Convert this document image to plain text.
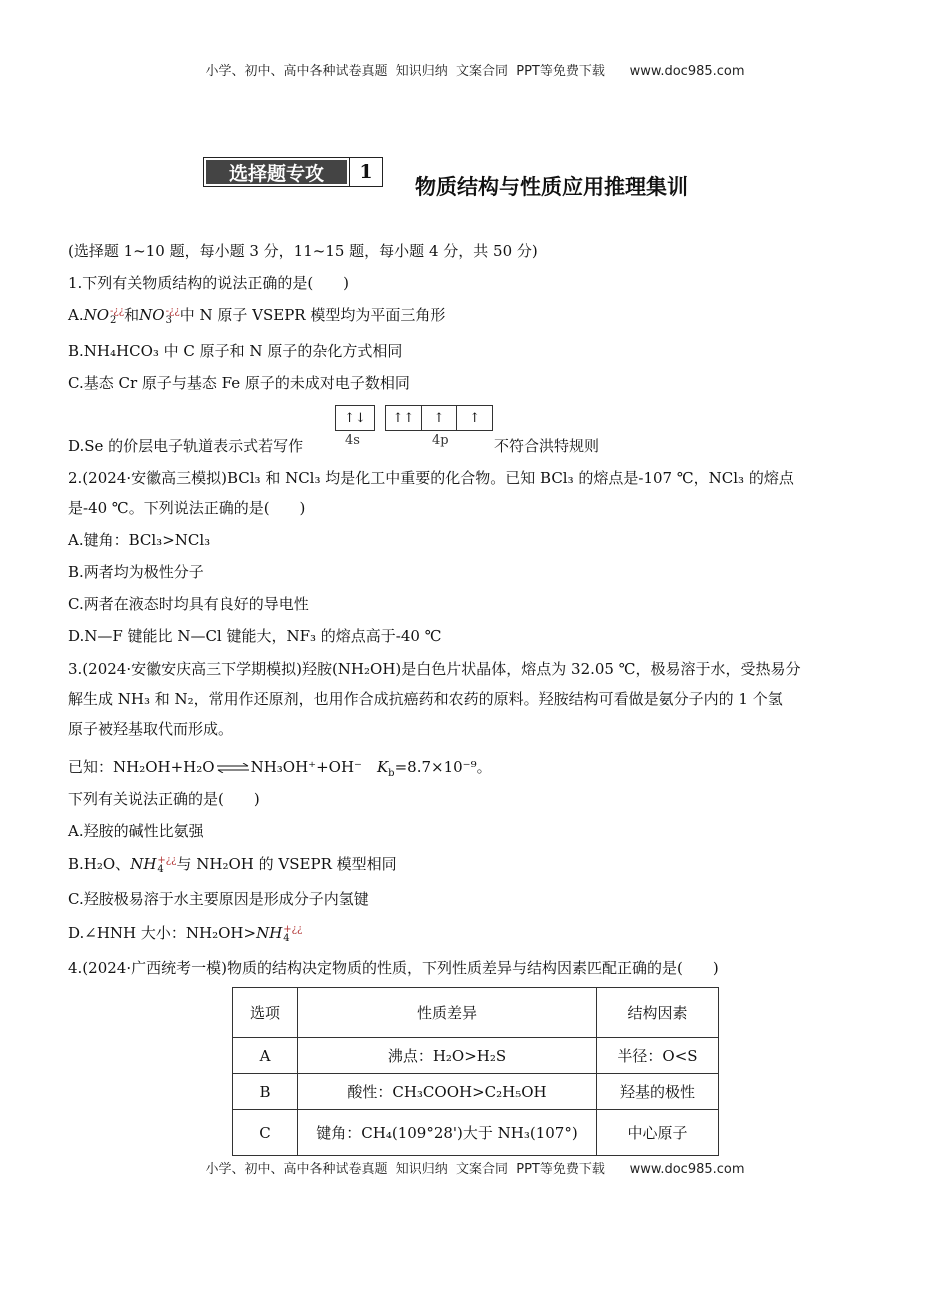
小学、初中、高中各种试卷真题  知识归纳  文案合同  PPT等免费下载      www.doc985.com
选择题专攻	1
物质结构与性质应用推理集训
(选择题 1~10 题，每小题 3 分，11~15 题，每小题 4 分，共 50 分)
1.下列有关物质结构的说法正确的是(　　)
A.NO -¿¿
2 和NO -¿¿
3 中 N 原子 VSEPR 模型均为平面三角形
B.NH₄HCO₃ 中 C 原子和 N 原子的杂化方式相同
C.基态 Cr 原子与基态 Fe 原子的未成对电子数相同
D.Se 的价层电子轨道表示式若写作
↑↓
4s
↑↑	↑	↑
4p	不符合洪特规则
2.(2024·安徽高三模拟)BCl₃ 和 NCl₃ 均是化工中重要的化合物。已知 BCl₃ 的熔点是-107 ℃，NCl₃ 的熔点
是-40 ℃。下列说法正确的是(　　)
A.键角：BCl₃>NCl₃
B.两者均为极性分子
C.两者在液态时均具有良好的导电性
D.N—F 键能比 N—Cl 键能大，NF₃ 的熔点高于-40 ℃
3.(2024·安徽安庆高三下学期模拟)羟胺(NH₂OH)是白色片状晶体，熔点为 32.05 ℃，极易溶于水，受热易分
解生成 NH₃ 和 N₂，常用作还原剂，也用作合成抗癌药和农药的原料。羟胺结构可看做是氨分子内的 1 个氢
原子被羟基取代而形成。
已知：NH₂OH+H₂O⇌NH₃OH⁺+OH⁻　$K_b=8.7\times 10^{-9}$。
下列有关说法正确的是(　　)
A.羟胺的碱性比氨强
B.H₂O、NH +¿¿
4 与 NH₂OH 的 VSEPR 模型相同
C.羟胺极易溶于水主要原因是形成分子内氢键
D.∠HNH 大小：NH₂OH>NH +¿¿
4
4.(2024·广西统考一模)物质的结构决定物质的性质，下列性质差异与结构因素匹配正确的是(　　)
选项	性质差异	结构因素
A	沸点：H₂O>H₂S	半径：O<S
B	酸性：CH₃COOH>C₂H₅OH	羟基的极性
C	键角：CH₄(109°28')大于 NH₃(107°)	中心原子
小学、初中、高中各种试卷真题  知识归纳  文案合同  PPT等免费下载      www.doc985.com
